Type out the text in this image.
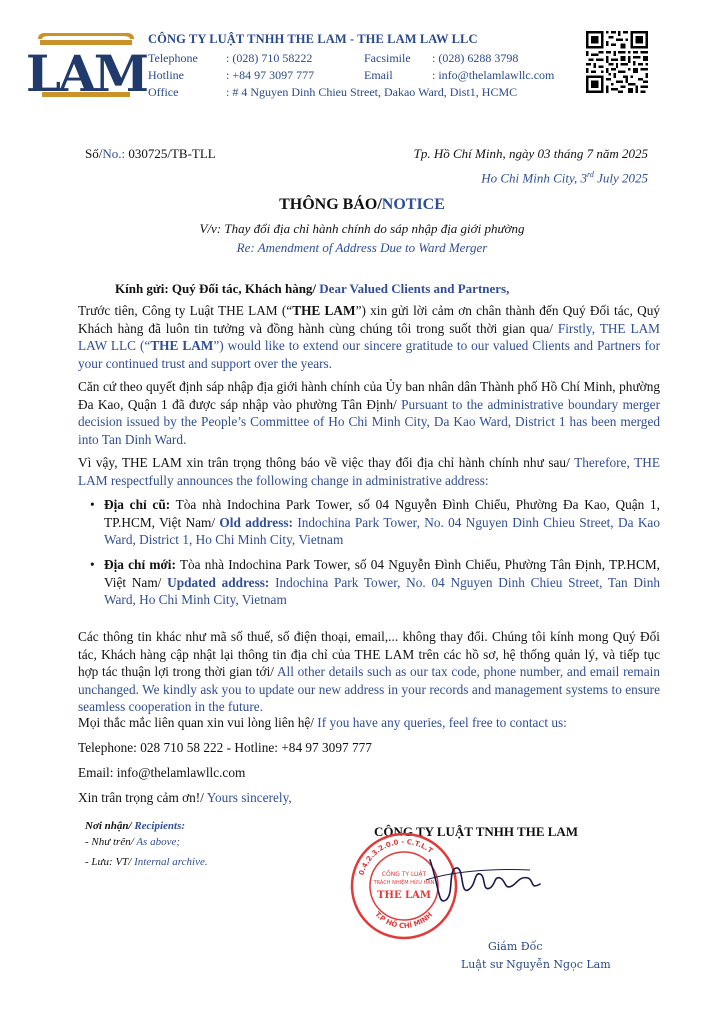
LAM
CÔNG TY LUẬT TNHH THE LAM - THE LAM LAW LLC
Telephone : (028) 710 58222	Facsimile : (028) 6288 3798
Hotline	: +84 97 3097 777	Email	: info@thelamlawllc.com
Office	: # 4 Nguyen Dinh Chieu Street, Dakao Ward, Dist1, HCMC
Số/No.: 030725/TB-TLL	Tp. Hồ Chí Minh, ngày 03 tháng 7 năm 2025
Ho Chi Minh City, 3rd July 2025
THÔNG BÁO/NOTICE
V/v: Thay đổi địa chỉ hành chính do sáp nhập địa giới phường
Re: Amendment of Address Due to Ward Merger
Kính gửi: Quý Đối tác, Khách hàng/ Dear Valued Clients and Partners,

Trước tiên, Công ty Luật THE LAM (“THE LAM”) xin gửi lời cảm ơn chân thành đến Quý Đối tác, Quý Khách hàng đã luôn tin tưởng và đồng hành cùng chúng tôi trong suốt thời gian qua/ Firstly, THE LAM LAW LLC (“THE LAM”) would like to extend our sincere gratitude to our valued Clients and Partners for your continued trust and support over the years.

Căn cứ theo quyết định sáp nhập địa giới hành chính của Ủy ban nhân dân Thành phố Hồ Chí Minh, phường Đa Kao, Quận 1 đã được sáp nhập vào phường Tân Định/ Pursuant to the administrative boundary merger decision issued by the People’s Committee of Ho Chi Minh City, Da Kao Ward, District 1 has been merged into Tan Dinh Ward.

Vì vậy, THE LAM xin trân trọng thông báo về việc thay đổi địa chỉ hành chính như sau/ Therefore, THE LAM respectfully announces the following change in administrative address:

• Địa chỉ cũ: Tòa nhà Indochina Park Tower, số 04 Nguyễn Đình Chiểu, Phường Đa Kao, Quận 1, TP.HCM, Việt Nam/ Old address: Indochina Park Tower, No. 04 Nguyen Dinh Chieu Street, Da Kao Ward, District 1, Ho Chi Minh City, Vietnam

• Địa chỉ mới: Tòa nhà Indochina Park Tower, số 04 Nguyễn Đình Chiểu, Phường Tân Định, TP.HCM, Việt Nam/ Updated address: Indochina Park Tower, No. 04 Nguyen Dinh Chieu Street, Tan Dinh Ward, Ho Chi Minh City, Vietnam

Các thông tin khác như mã số thuế, số điện thoại, email,... không thay đổi. Chúng tôi kính mong Quý Đối tác, Khách hàng cập nhật lại thông tin địa chỉ của THE LAM trên các hồ sơ, hệ thống quản lý, và tiếp tục hợp tác thuận lợi trong thời gian tới/ All other details such as our tax code, phone number, and email remain unchanged. We kindly ask you to update our new address in your records and management systems to ensure seamless cooperation in the future.

Mọi thắc mắc liên quan xin vui lòng liên hệ/ If you have any queries, feel free to contact us:
Telephone: 028 710 58 222 - Hotline: +84 97 3097 777
Email: info@thelamlawllc.com
Xin trân trọng cảm ơn!/ Yours sincerely,
Nơi nhận/ Recipients:
- Như trên/ As above;
- Lưu: VT/ Internal archive.
CÔNG TY LUẬT TNHH THE LAM
0.4.2.3.2.0.0 - C.T.L.T
T.P HỒ CHÍ MINH
CÔNG TY LUẬT
TRÁCH NHIỆM HỮU HẠN
THE LAM
Giám Đốc
Luật sư Nguyễn Ngọc Lam
